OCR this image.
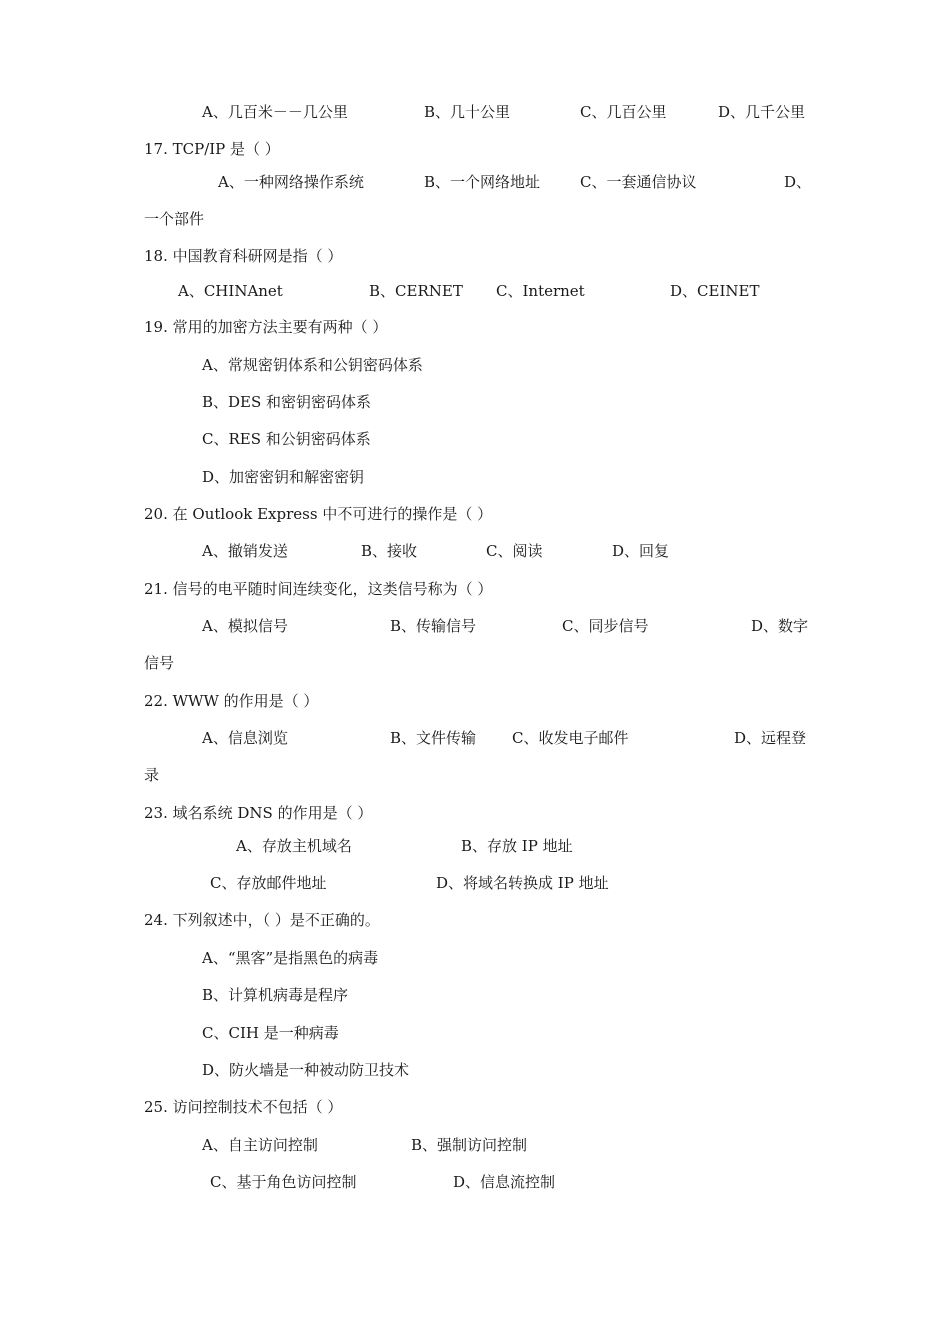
A、几百米－－几公里	B、几十公里	C、几百公里	D、几千公里
17. TCP/IP 是（ ）
A、一种网络操作系统	B、一个网络地址	C、一套通信协议	D、
一个部件
18. 中国教育科研网是指（ ）
A、CHINAnet	B、CERNET C、Internet	D、CEINET
19. 常用的加密方法主要有两种（ ）
A、常规密钥体系和公钥密码体系
B、DES 和密钥密码体系
C、RES 和公钥密码体系
D、加密密钥和解密密钥
20. 在 Outlook Express 中不可进行的操作是（ ）
A、撤销发送	B、接收	C、阅读	D、回复
21. 信号的电平随时间连续变化，这类信号称为（ ）
A、模拟信号	B、传输信号	C、同步信号	D、数字
信号
22. WWW 的作用是（ ）
A、信息浏览	B、文件传输 C、收发电子邮件	D、远程登
录
23. 域名系统 DNS 的作用是（ ）
A、存放主机域名	B、存放 IP 地址
C、存放邮件地址	D、将域名转换成 IP 地址
24. 下列叙述中，（ ）是不正确的。
A、“黑客”是指黑色的病毒
B、计算机病毒是程序
C、CIH 是一种病毒
D、防火墙是一种被动防卫技术
25. 访问控制技术不包括（ ）
A、自主访问控制	B、强制访问控制
C、基于角色访问控制	D、信息流控制
